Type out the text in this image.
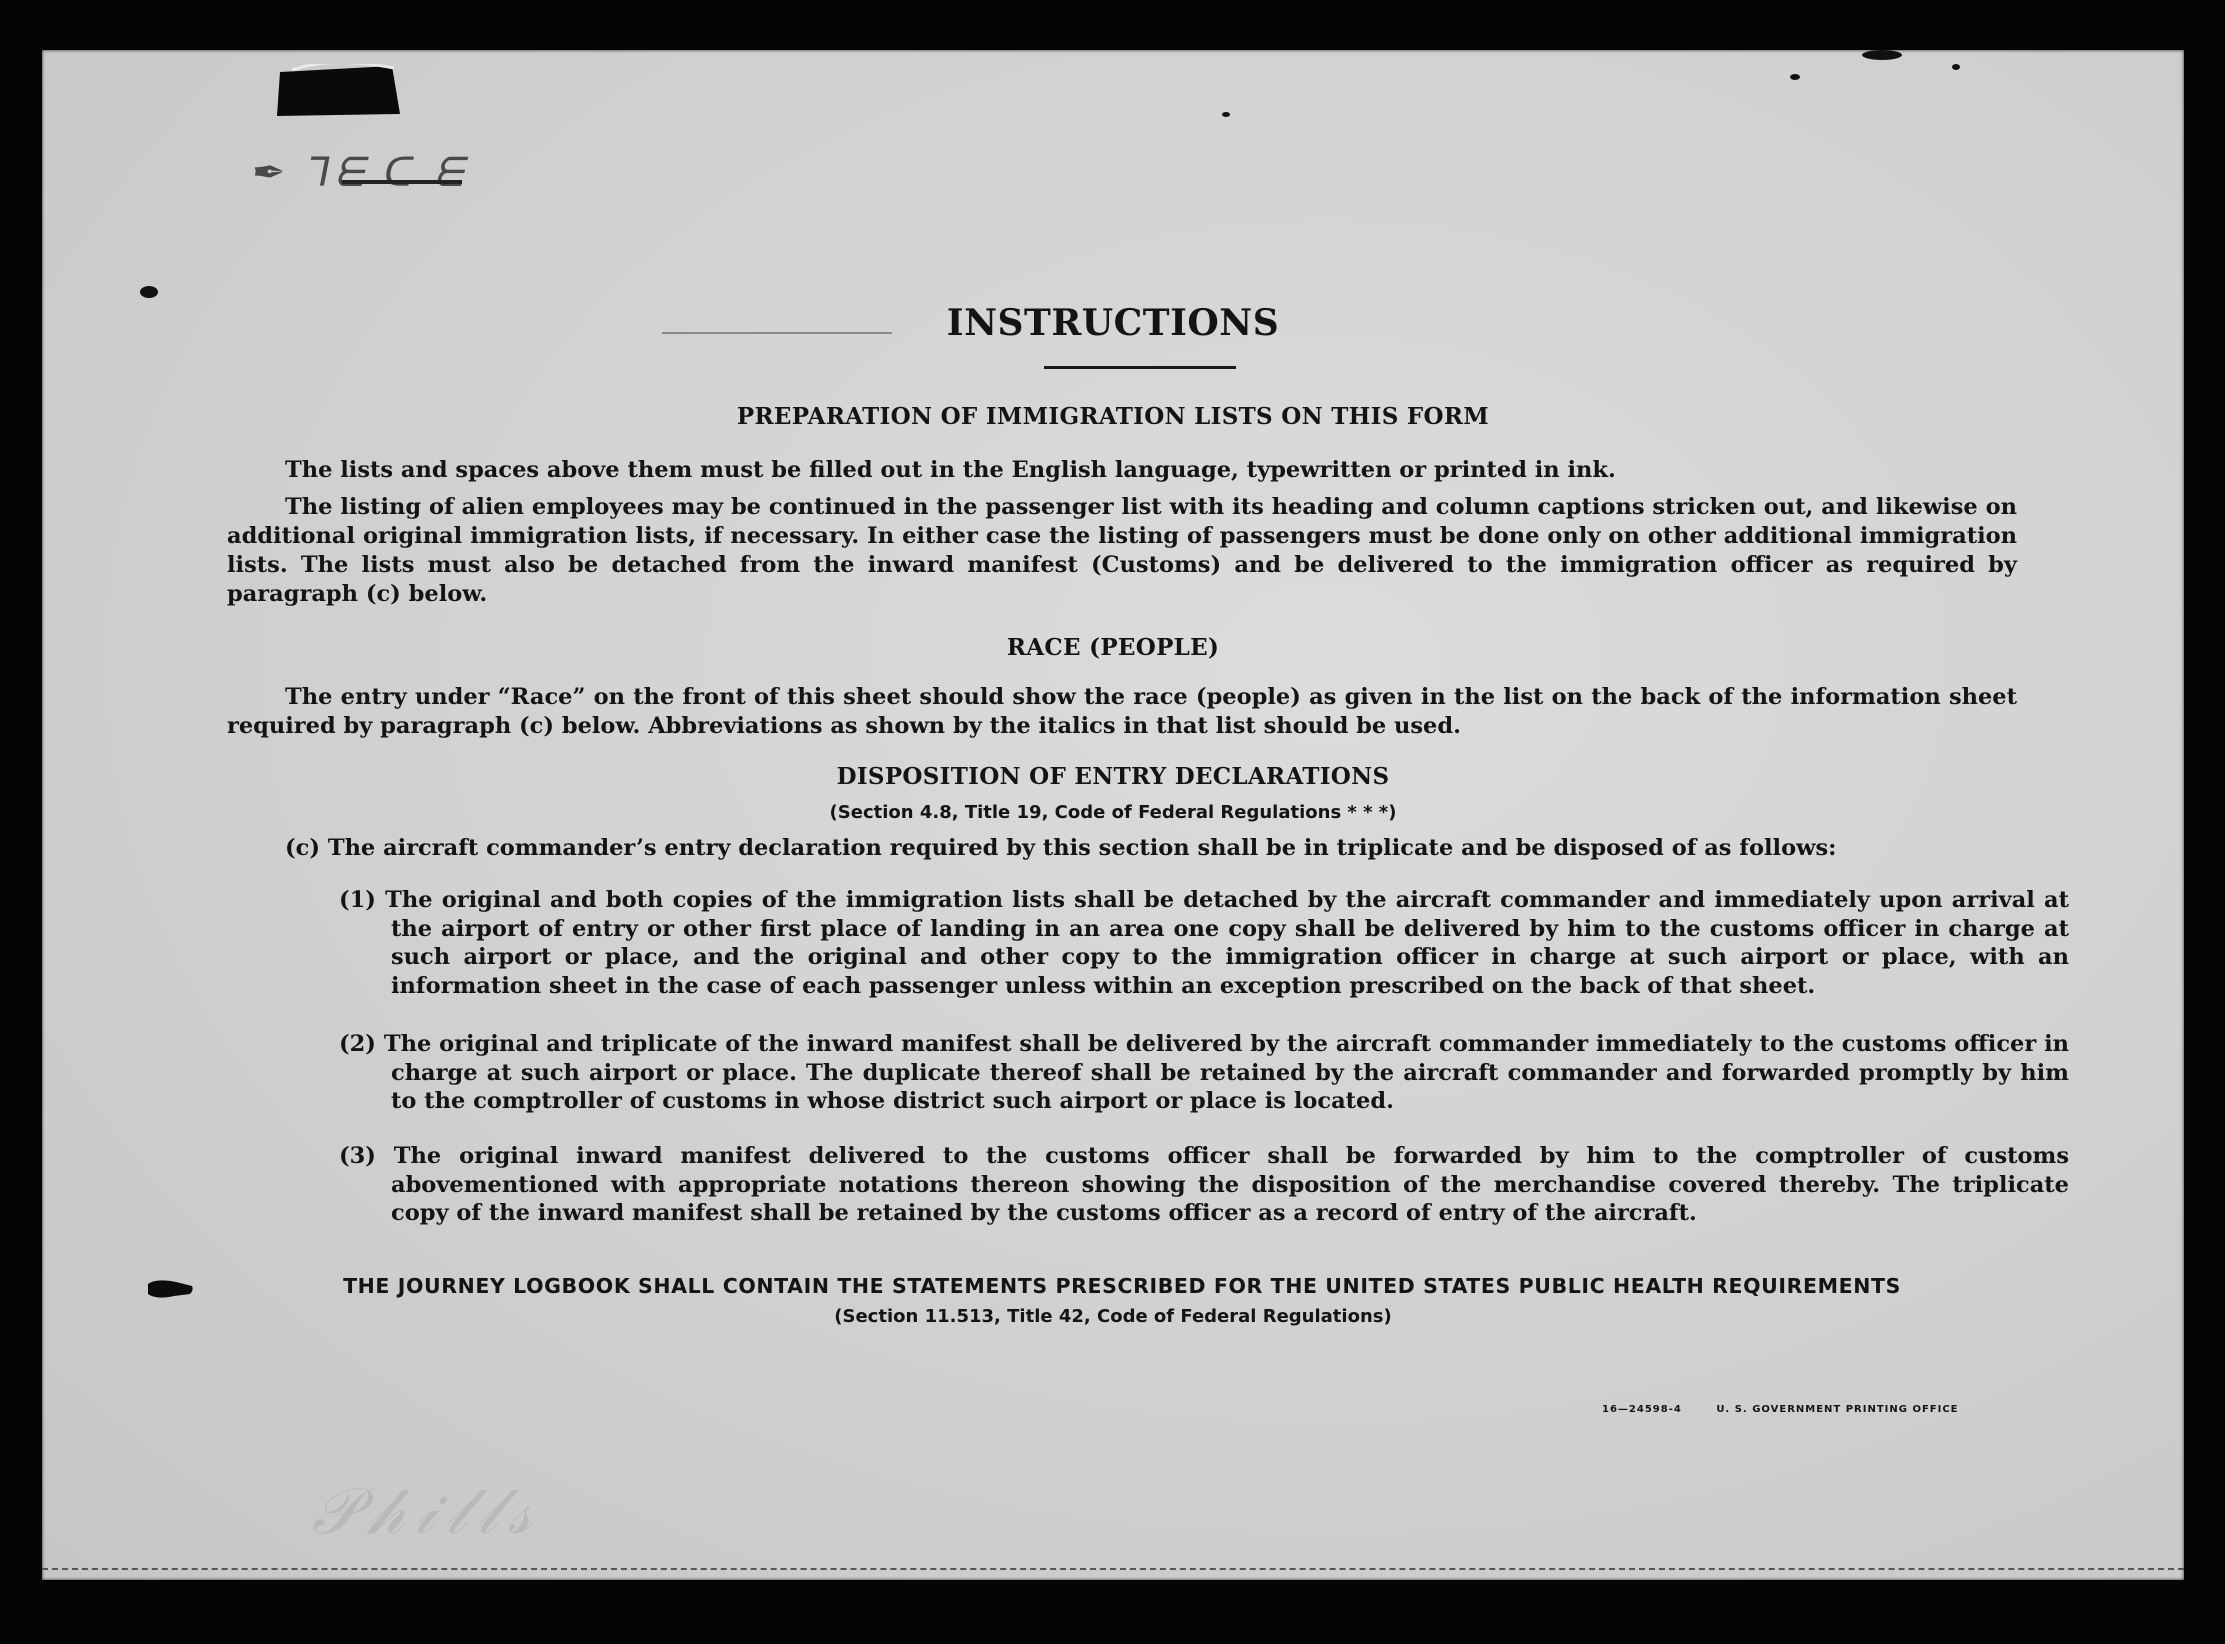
✒ ᒣᗴ ᑕ ᗴ
𝒫𝒽𝒾𝓁𝓁𝓈
INSTRUCTIONS
PREPARATION OF IMMIGRATION LISTS ON THIS FORM
The lists and spaces above them must be filled out in the English language, typewritten or printed in ink.
The listing of alien employees may be continued in the passenger list with its heading and column captions stricken out, and likewise on additional original immigration lists, if necessary. In either case the listing of passengers must be done only on other additional immigration lists. The lists must also be detached from the inward manifest (Customs) and be delivered to the immigration officer as required by paragraph (c) below.
RACE (PEOPLE)
The entry under “Race” on the front of this sheet should show the race (people) as given in the list on the back of the information sheet required by paragraph (c) below. Abbreviations as shown by the italics in that list should be used.
DISPOSITION OF ENTRY DECLARATIONS
(Section 4.8, Title 19, Code of Federal Regulations * * *)
(c) The aircraft commander’s entry declaration required by this section shall be in triplicate and be disposed of as follows:
(1) The original and both copies of the immigration lists shall be detached by the aircraft commander and immediately upon arrival at the airport of entry or other first place of landing in an area one copy shall be delivered by him to the customs officer in charge at such airport or place, and the original and other copy to the immigration officer in charge at such airport or place, with an information sheet in the case of each passenger unless within an exception prescribed on the back of that sheet.
(2) The original and triplicate of the inward manifest shall be delivered by the aircraft commander immediately to the customs officer in charge at such airport or place. The duplicate thereof shall be retained by the aircraft commander and forwarded promptly by him to the comptroller of customs in whose district such airport or place is located.
(3) The original inward manifest delivered to the customs officer shall be forwarded by him to the comptroller of customs abovementioned with appropriate notations thereon showing the disposition of the merchandise covered thereby. The triplicate copy of the inward manifest shall be retained by the customs officer as a record of entry of the aircraft.
THE JOURNEY LOGBOOK SHALL CONTAIN THE STATEMENTS PRESCRIBED FOR THE UNITED STATES PUBLIC HEALTH REQUIREMENTS
(Section 11.513, Title 42, Code of Federal Regulations)
16—24598-4	U. S. GOVERNMENT PRINTING OFFICE
